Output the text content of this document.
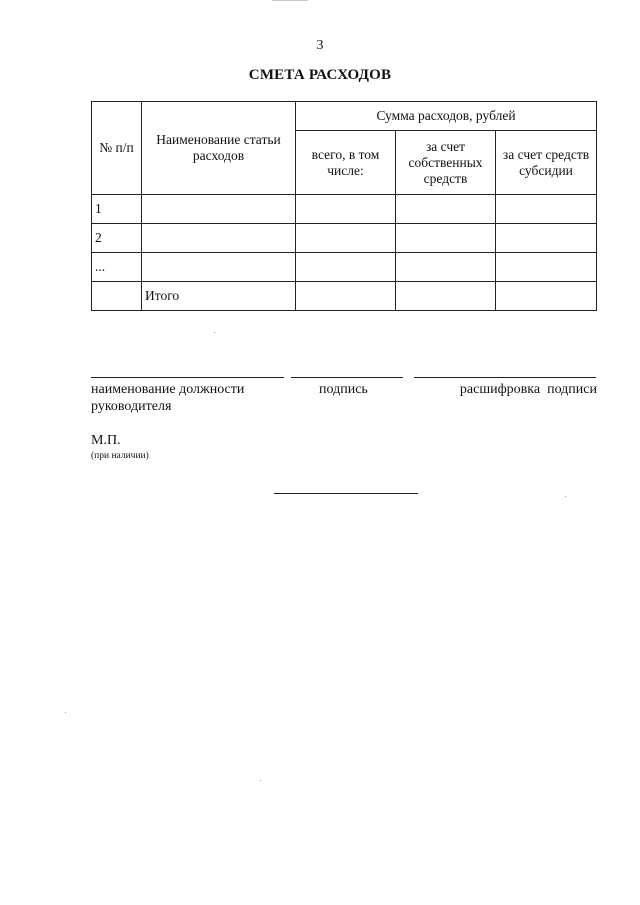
3
СМЕТА РАСХОДОВ
№ п/п	Наименование статьи расходов	Сумма расходов, рублей		
		всего, в том числе:	за счет собственных средств	за счет средств субсидии
1				
2				
...				
	Итого			
наименование должности
руководителя
подпись	расшифровка  подписи
М.П.
(при наличии)
